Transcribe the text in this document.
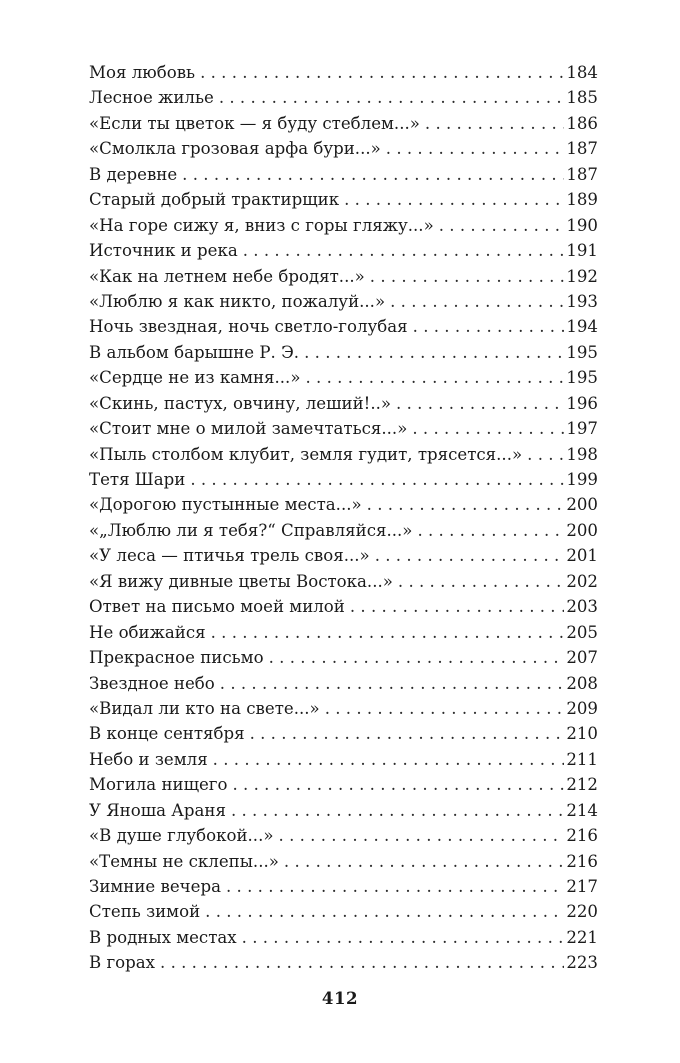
Моя любовь . . .	184
Лесное жилье . . .	185
«Если ты цветок — я буду стеблем...» . . .	186
«Смолкла грозовая арфа бури...» . . .	187
В деревне . . .	187
Старый добрый трактирщик . . .	189
«На горе сижу я, вниз с горы гляжу...» . . .	190
Источник и река . . .	191
«Как на летнем небе бродят...» . . .	192
«Люблю я как никто, пожалуй...» . . .	193
Ночь звездная, ночь светло-голубая . . .	194
В альбом барышне Р. Э. . . .	195
«Сердце не из камня...» . . .	195
«Скинь, пастух, овчину, леший!..» . . .	196
«Стоит мне о милой замечтаться...» . . .	197
«Пыль столбом клубит, земля гудит, трясется...» . . .	198
Тетя Шари . . .	199
«Дорогою пустынные места...» . . .	200
«„Люблю ли я тебя?“ Справляйся...» . . .	200
«У леса — птичья трель своя...» . . .	201
«Я вижу дивные цветы Востока...» . . .	202
Ответ на письмо моей милой . . .	203
Не обижайся . . .	205
Прекрасное письмо . . .	207
Звездное небо . . .	208
«Видал ли кто на свете...» . . .	209
В конце сентября . . .	210
Небо и земля . . .	211
Могила нищего . . .	212
У Яноша Араня . . .	214
«В душе глубокой...» . . .	216
«Темны не склепы...» . . .	216
Зимние вечера . . .	217
Степь зимой . . .	220
В родных местах . . .	221
В горах . . .	223
412
